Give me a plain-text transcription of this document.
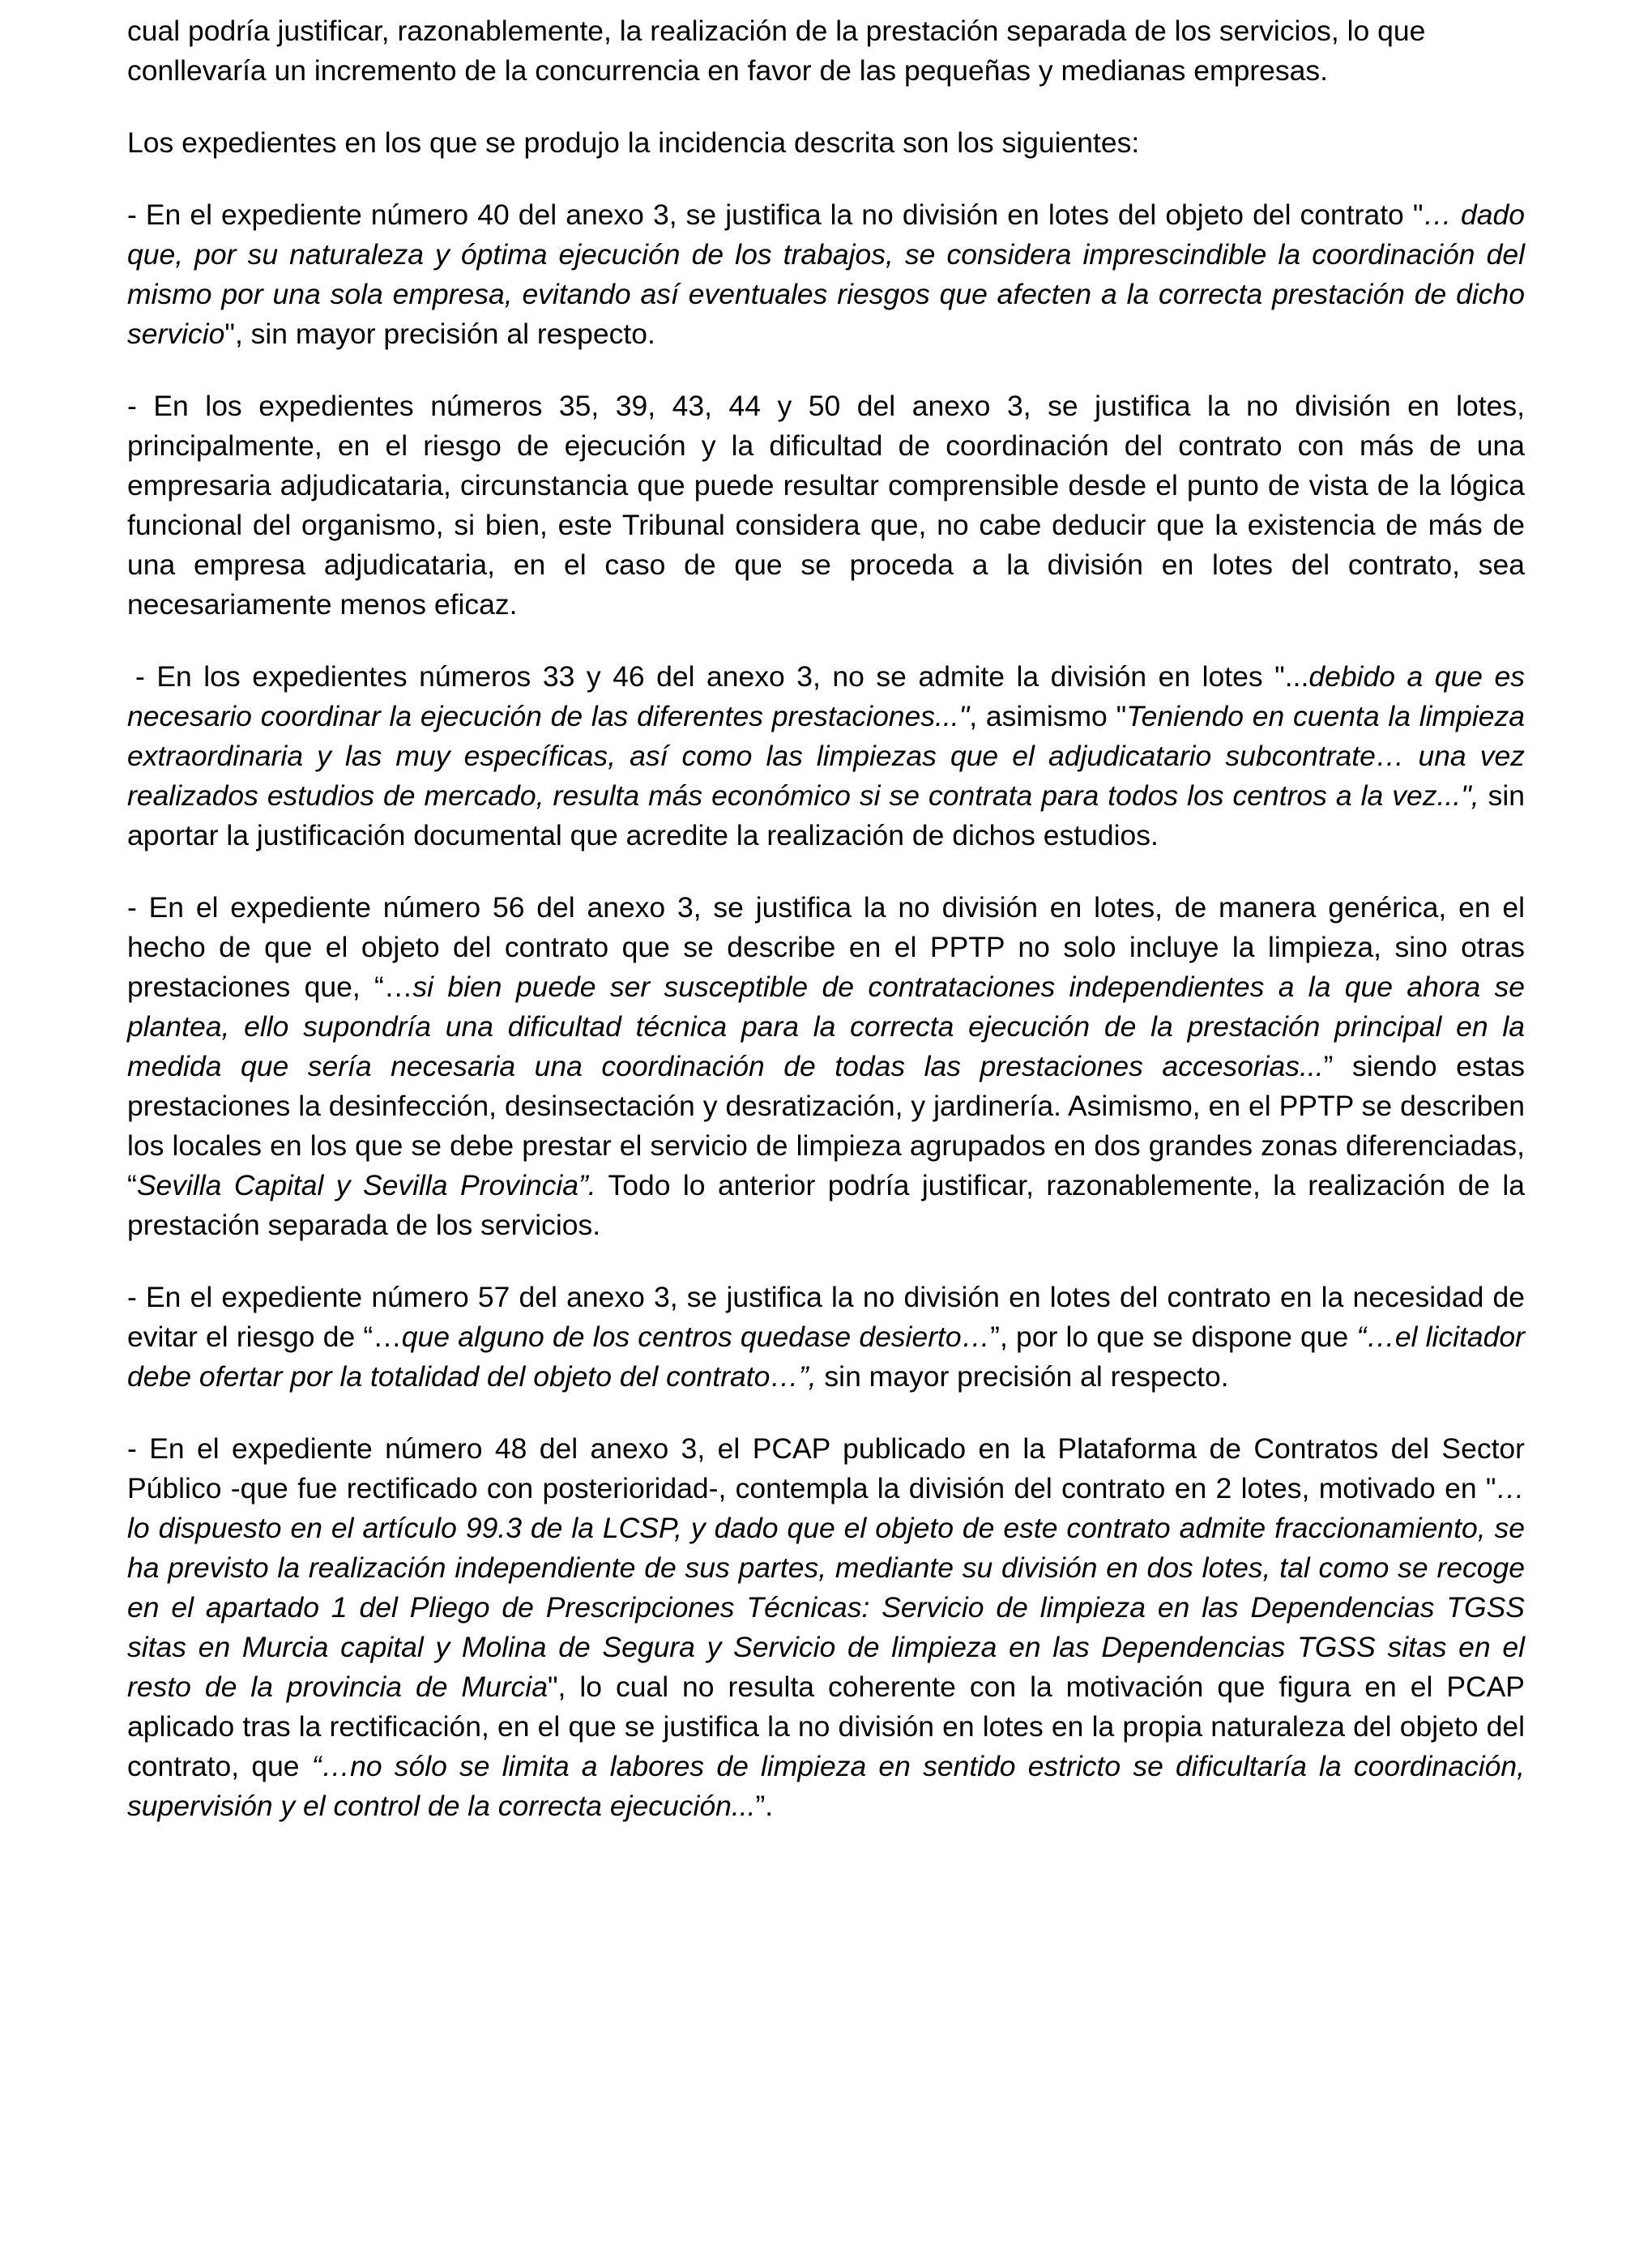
cual podría justificar, razonablemente, la realización de la prestación separada de los servicios, lo que conllevaría un incremento de la concurrencia en favor de las pequeñas y medianas empresas.

Los expedientes en los que se produjo la incidencia descrita son los siguientes:

- En el expediente número 40 del anexo 3, se justifica la no división en lotes del objeto del contrato "… dado que, por su naturaleza y óptima ejecución de los trabajos, se considera imprescindible la coordinación del mismo por una sola empresa, evitando así eventuales riesgos que afecten a la correcta prestación de dicho servicio", sin mayor precisión al respecto.

- En los expedientes números 35, 39, 43, 44 y 50 del anexo 3, se justifica la no división en lotes, principalmente, en el riesgo de ejecución y la dificultad de coordinación del contrato con más de una empresaria adjudicataria, circunstancia que puede resultar comprensible desde el punto de vista de la lógica funcional del organismo, si bien, este Tribunal considera que, no cabe deducir que la existencia de más de una empresa adjudicataria, en el caso de que se proceda a la división en lotes del contrato, sea necesariamente menos eficaz.

- En los expedientes números 33 y 46 del anexo 3, no se admite la división en lotes "...debido a que es necesario coordinar la ejecución de las diferentes prestaciones...", asimismo "Teniendo en cuenta la limpieza extraordinaria y las muy específicas, así como las limpiezas que el adjudicatario subcontrate… una vez realizados estudios de mercado, resulta más económico si se contrata para todos los centros a la vez...", sin aportar la justificación documental que acredite la realización de dichos estudios.

- En el expediente número 56 del anexo 3, se justifica la no división en lotes, de manera genérica, en el hecho de que el objeto del contrato que se describe en el PPTP no solo incluye la limpieza, sino otras prestaciones que, “…si bien puede ser susceptible de contrataciones independientes a la que ahora se plantea, ello supondría una dificultad técnica para la correcta ejecución de la prestación principal en la medida que sería necesaria una coordinación de todas las prestaciones accesorias...” siendo estas prestaciones la desinfección, desinsectación y desratización, y jardinería. Asimismo, en el PPTP se describen los locales en los que se debe prestar el servicio de limpieza agrupados en dos grandes zonas diferenciadas, “Sevilla Capital y Sevilla Provincia”. Todo lo anterior podría justificar, razonablemente, la realización de la prestación separada de los servicios.

- En el expediente número 57 del anexo 3, se justifica la no división en lotes del contrato en la necesidad de evitar el riesgo de “…que alguno de los centros quedase desierto…”, por lo que se dispone que “…el licitador debe ofertar por la totalidad del objeto del contrato…”, sin mayor precisión al respecto.

- En el expediente número 48 del anexo 3, el PCAP publicado en la Plataforma de Contratos del Sector Público -que fue rectificado con posterioridad-, contempla la división del contrato en 2 lotes, motivado en "… lo dispuesto en el artículo 99.3 de la LCSP, y dado que el objeto de este contrato admite fraccionamiento, se ha previsto la realización independiente de sus partes, mediante su división en dos lotes, tal como se recoge en el apartado 1 del Pliego de Prescripciones Técnicas: Servicio de limpieza en las Dependencias TGSS sitas en Murcia capital y Molina de Segura y Servicio de limpieza en las Dependencias TGSS sitas en el resto de la provincia de Murcia", lo cual no resulta coherente con la motivación que figura en el PCAP aplicado tras la rectificación, en el que se justifica la no división en lotes en la propia naturaleza del objeto del contrato, que “…no sólo se limita a labores de limpieza en sentido estricto se dificultaría la coordinación, supervisión y el control de la correcta ejecución...”.
